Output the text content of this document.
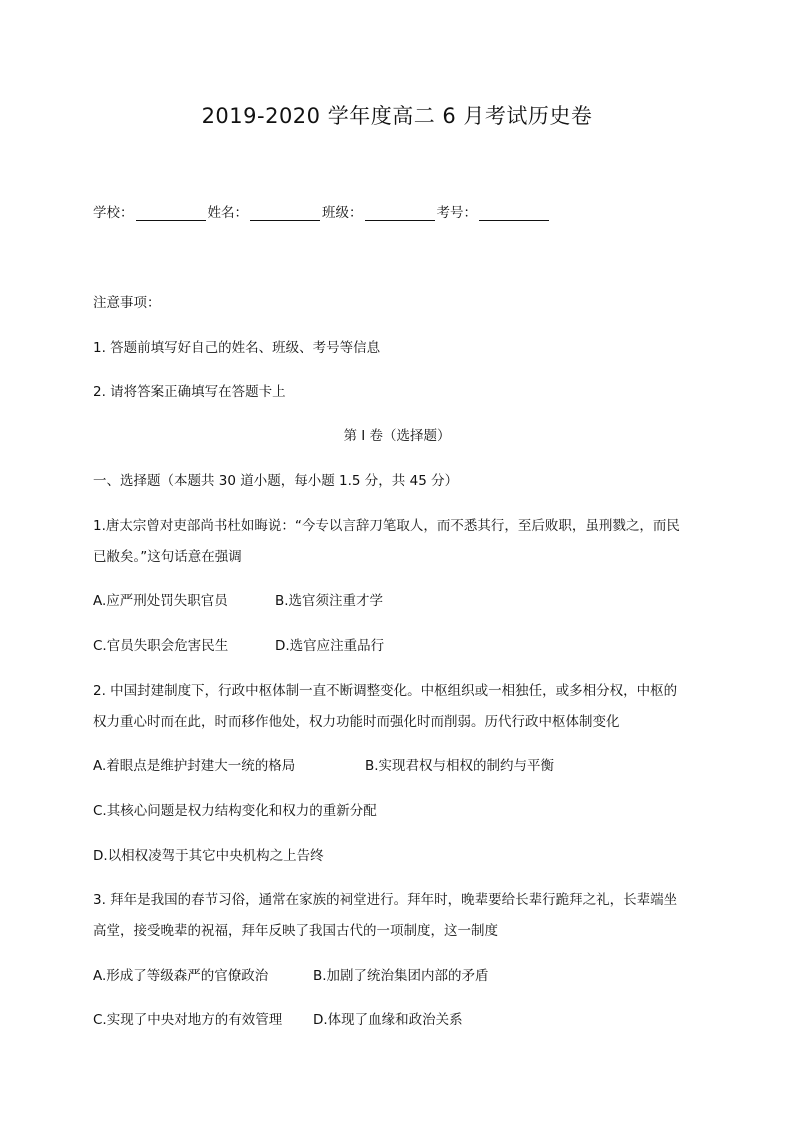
2019-2020 学年度高二 6 月考试历史卷
学校：	姓名：	班级：	考号：
注意事项：
1. 答题前填写好自己的姓名、班级、考号等信息
2. 请将答案正确填写在答题卡上
第 I 卷（选择题）
一、选择题（本题共 30 道小题，每小题 1.5 分，共 45 分）
1.唐太宗曾对吏部尚书杜如晦说：“今专以言辞刀笔取人，而不悉其行，至后败职，虽刑戮之，而民
已敝矣。”这句话意在强调
A.应严刑处罚失职官员	B.选官须注重才学
C.官员失职会危害民生	D.选官应注重品行
2. 中国封建制度下，行政中枢体制一直不断调整变化。中枢组织或一相独任，或多相分权，中枢的
权力重心时而在此，时而移作他处，权力功能时而强化时而削弱。历代行政中枢体制变化
A.着眼点是维护封建大一统的格局	B.实现君权与相权的制约与平衡
C.其核心问题是权力结构变化和权力的重新分配
D.以相权凌驾于其它中央机构之上告终
3. 拜年是我国的春节习俗，通常在家族的祠堂进行。拜年时，晚辈要给长辈行跪拜之礼，长辈端坐
高堂，接受晚辈的祝福，拜年反映了我国古代的一项制度，这一制度
A.形成了等级森严的官僚政治	B.加剧了统治集团内部的矛盾
C.实现了中央对地方的有效管理 D.体现了血缘和政治关系
